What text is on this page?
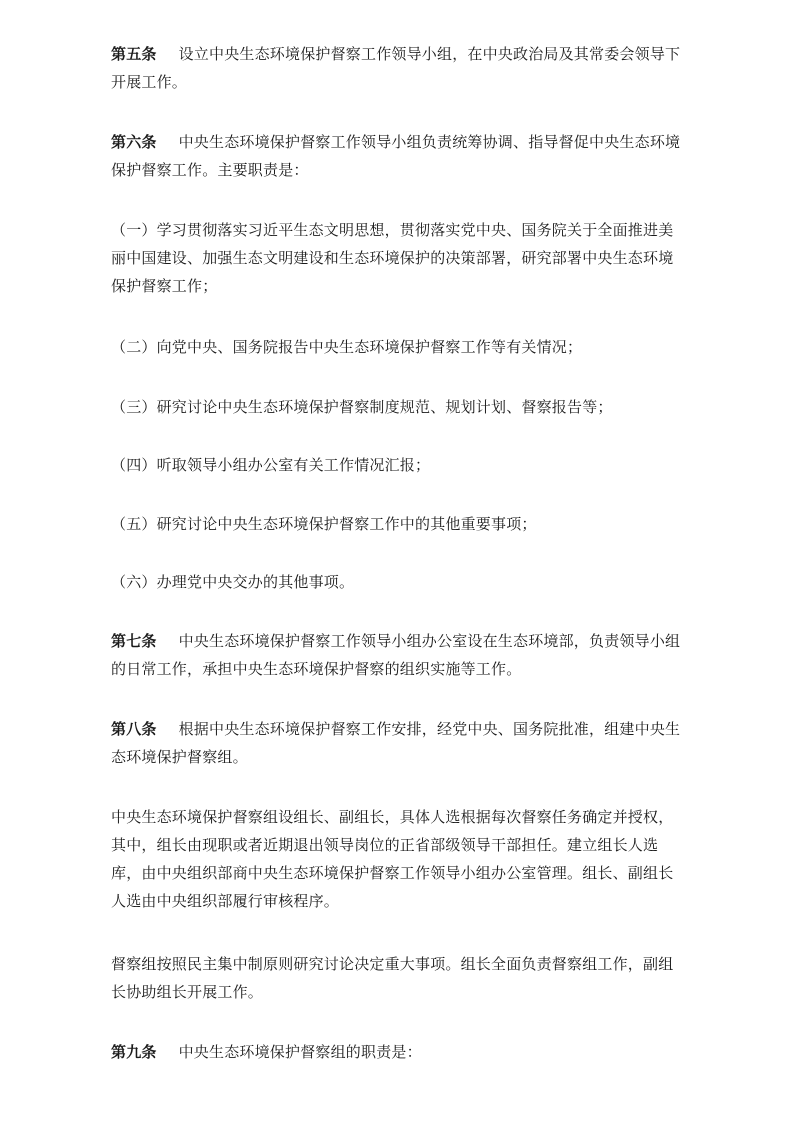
第五条 设立中央生态环境保护督察工作领导小组，在中央政治局及其常委会领导下开展工作。

第六条 中央生态环境保护督察工作领导小组负责统筹协调、指导督促中央生态环境保护督察工作。主要职责是：

（一）学习贯彻落实习近平生态文明思想，贯彻落实党中央、国务院关于全面推进美丽中国建设、加强生态文明建设和生态环境保护的决策部署，研究部署中央生态环境保护督察工作；

（二）向党中央、国务院报告中央生态环境保护督察工作等有关情况；

（三）研究讨论中央生态环境保护督察制度规范、规划计划、督察报告等；

（四）听取领导小组办公室有关工作情况汇报；

（五）研究讨论中央生态环境保护督察工作中的其他重要事项；

（六）办理党中央交办的其他事项。

第七条 中央生态环境保护督察工作领导小组办公室设在生态环境部，负责领导小组的日常工作，承担中央生态环境保护督察的组织实施等工作。

第八条 根据中央生态环境保护督察工作安排，经党中央、国务院批准，组建中央生态环境保护督察组。

中央生态环境保护督察组设组长、副组长，具体人选根据每次督察任务确定并授权，其中，组长由现职或者近期退出领导岗位的正省部级领导干部担任。建立组长人选库，由中央组织部商中央生态环境保护督察工作领导小组办公室管理。组长、副组长人选由中央组织部履行审核程序。

督察组按照民主集中制原则研究讨论决定重大事项。组长全面负责督察组工作，副组长协助组长开展工作。

第九条 中央生态环境保护督察组的职责是：
